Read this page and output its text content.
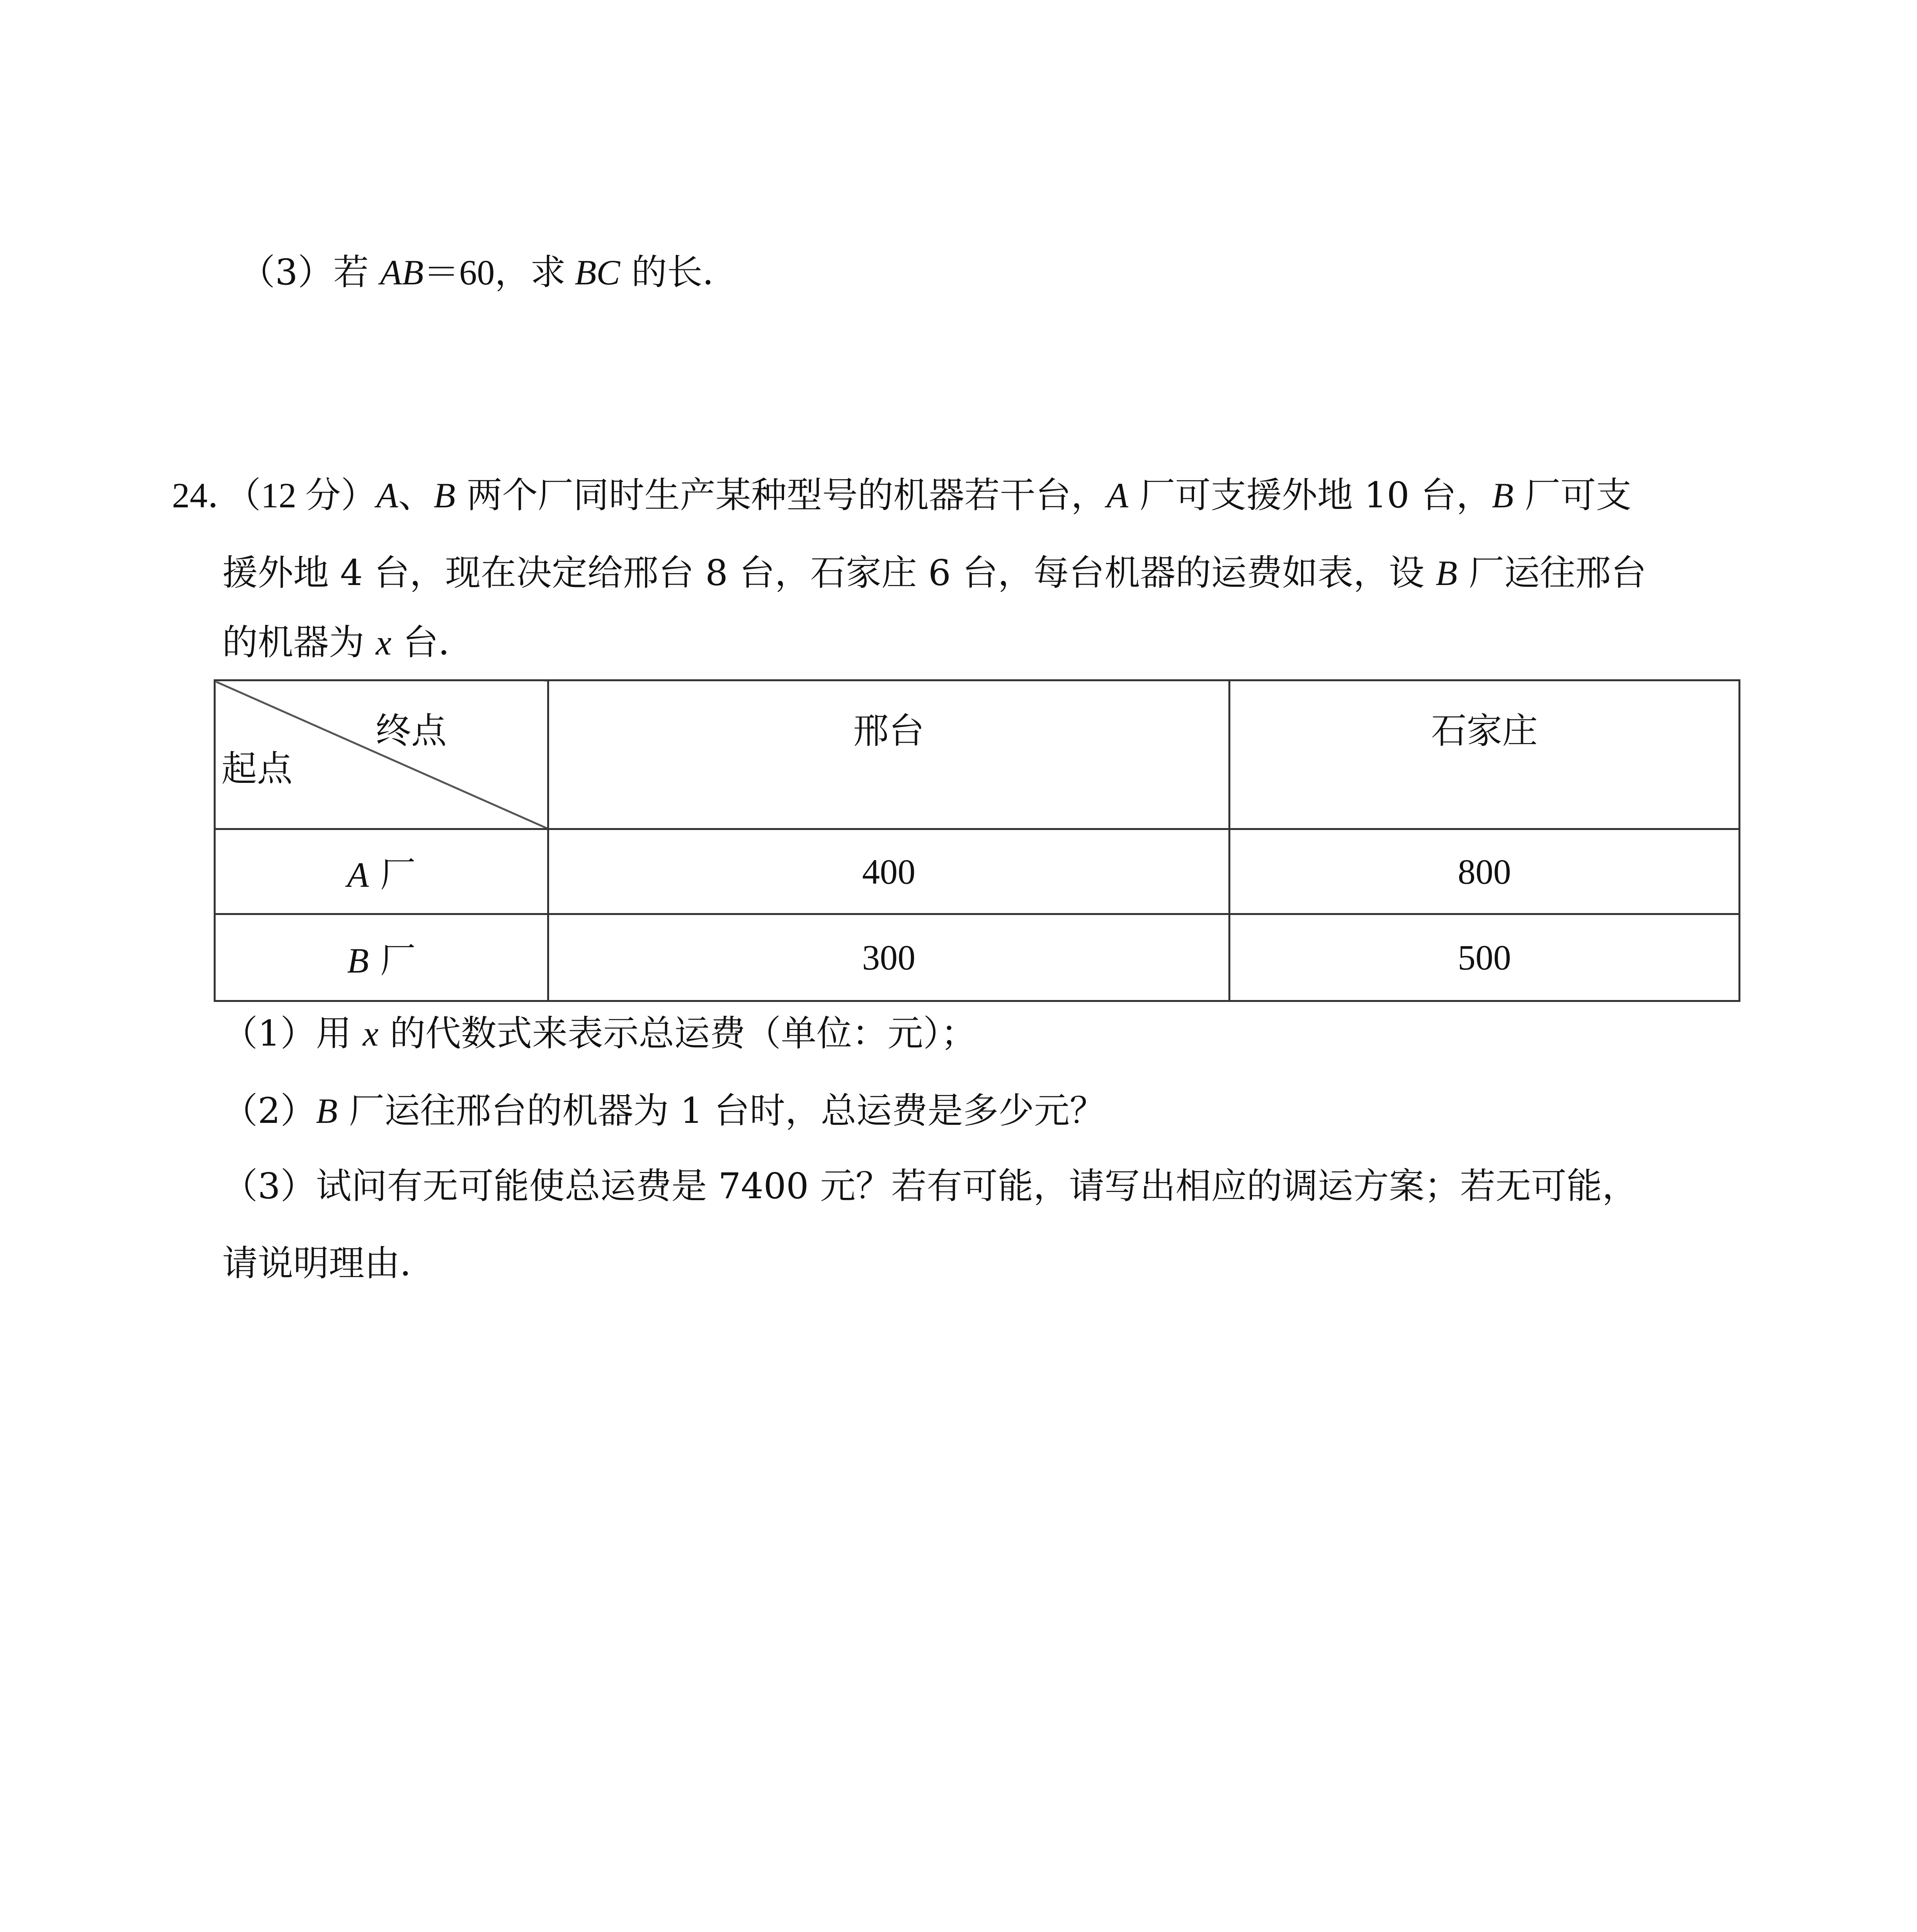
（3）若 AB＝60，求 BC 的长．
24．（12 分）A、B 两个厂同时生产某种型号的机器若干台，A 厂可支援外地 10 台，B 厂可支
援外地 4 台，现在决定给邢台 8 台，石家庄 6 台，每台机器的运费如表，设 B 厂运往邢台
的机器为 x 台．
终点
起点	邢台	石家庄
A 厂	400	800
B 厂	300	500
（1）用 x 的代数式来表示总运费（单位：元）；
（2）B 厂运往邢台的机器为 1 台时，总运费是多少元？
（3）试问有无可能使总运费是 7400 元？若有可能，请写出相应的调运方案；若无可能，
请说明理由．
